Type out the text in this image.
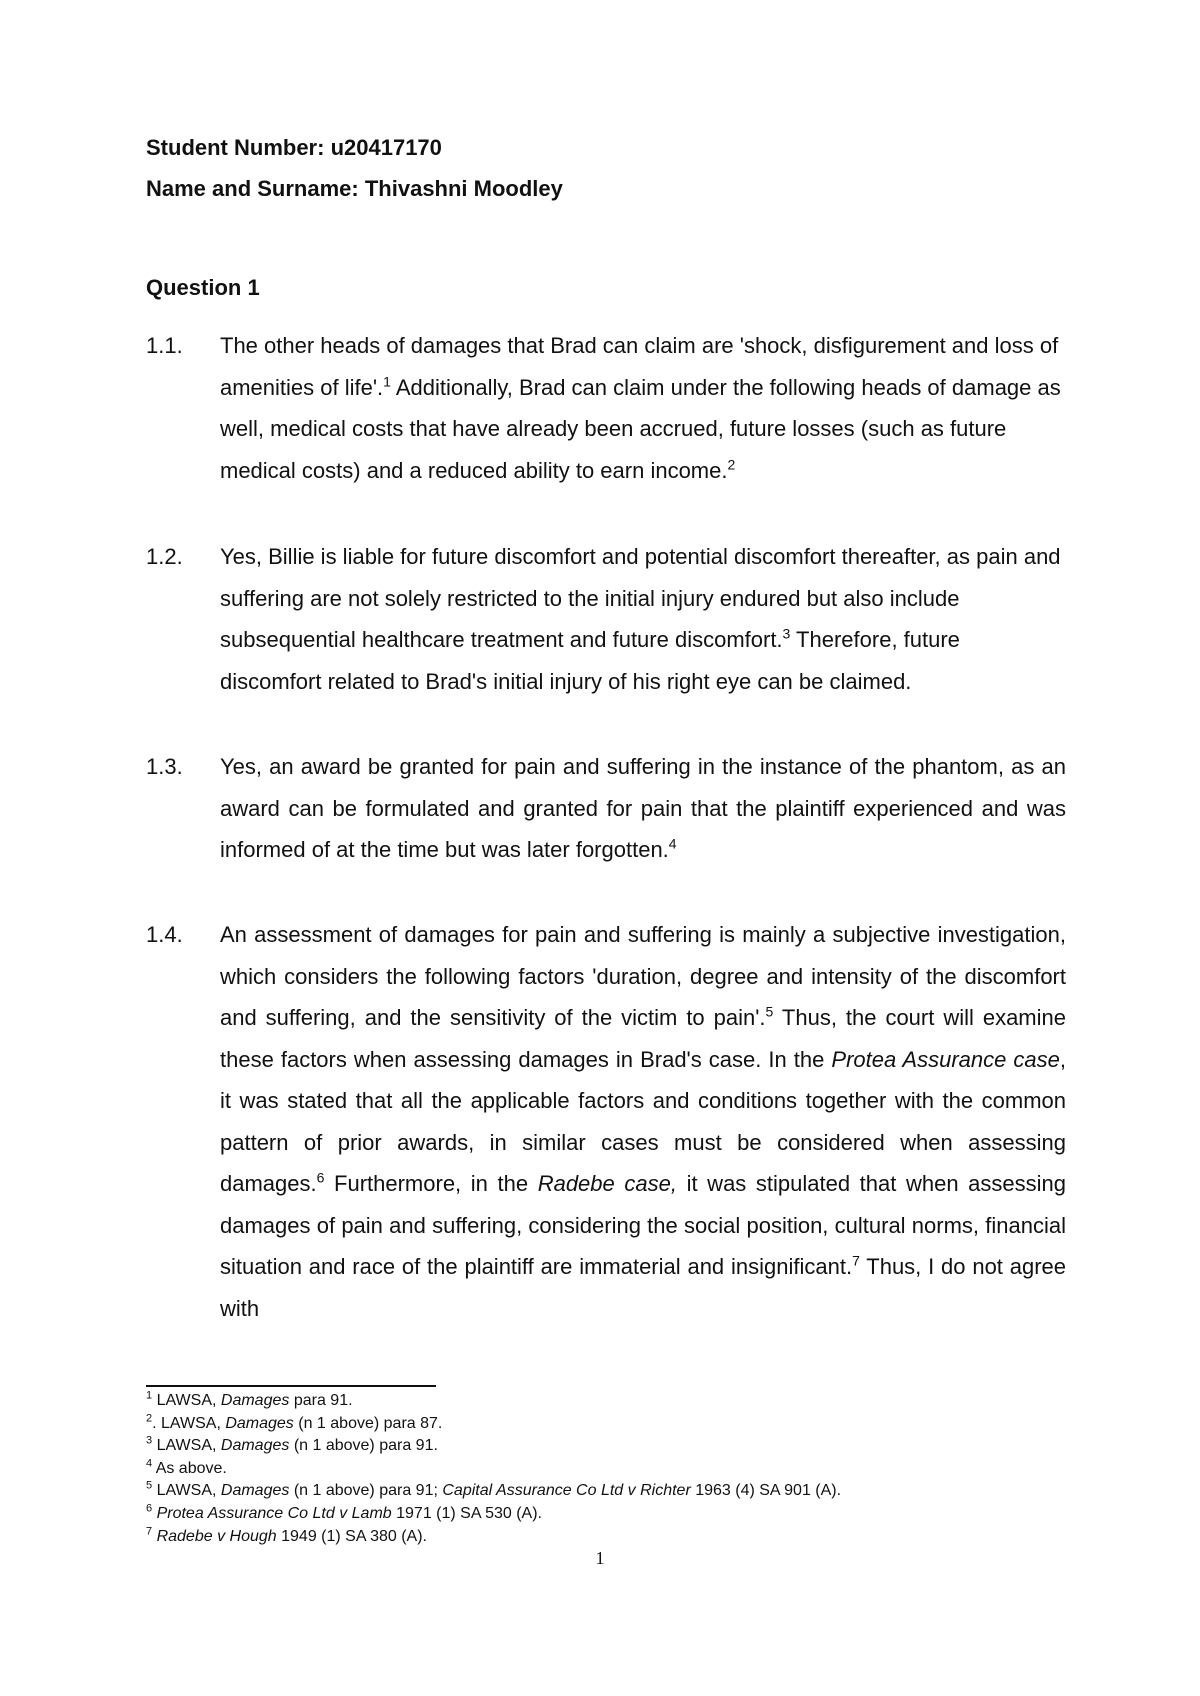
Student Number: u20417170
Name and Surname: Thivashni Moodley
Question 1
1.1. The other heads of damages that Brad can claim are 'shock, disfigurement and loss of amenities of life'.$^1$ Additionally, Brad can claim under the following heads of damage as well, medical costs that have already been accrued, future losses (such as future medical costs) and a reduced ability to earn income.$^2$
1.2. Yes, Billie is liable for future discomfort and potential discomfort thereafter, as pain and suffering are not solely restricted to the initial injury endured but also include subsequential healthcare treatment and future discomfort.$^3$ Therefore, future discomfort related to Brad's initial injury of his right eye can be claimed.
1.3. Yes, an award be granted for pain and suffering in the instance of the phantom, as an award can be formulated and granted for pain that the plaintiff experienced and was informed of at the time but was later forgotten.$^4$
1.4. An assessment of damages for pain and suffering is mainly a subjective investigation, which considers the following factors 'duration, degree and intensity of the discomfort and suffering, and the sensitivity of the victim to pain'.$^5$ Thus, the court will examine these factors when assessing damages in Brad's case. In the Protea Assurance case, it was stated that all the applicable factors and conditions together with the common pattern of prior awards, in similar cases must be considered when assessing damages.$^6$ Furthermore, in the Radebe case, it was stipulated that when assessing damages of pain and suffering, considering the social position, cultural norms, financial situation and race of the plaintiff are immaterial and insignificant.$^7$ Thus, I do not agree with
$^1$ LAWSA, Damages para 91.
$^2$. LAWSA, Damages (n 1 above) para 87.
$^3$ LAWSA, Damages (n 1 above) para 91.
$^4$ As above.
$^5$ LAWSA, Damages (n 1 above) para 91; Capital Assurance Co Ltd v Richter 1963 (4) SA 901 (A).
$^6$ Protea Assurance Co Ltd v Lamb 1971 (1) SA 530 (A).
$^7$ Radebe v Hough 1949 (1) SA 380 (A).
1
